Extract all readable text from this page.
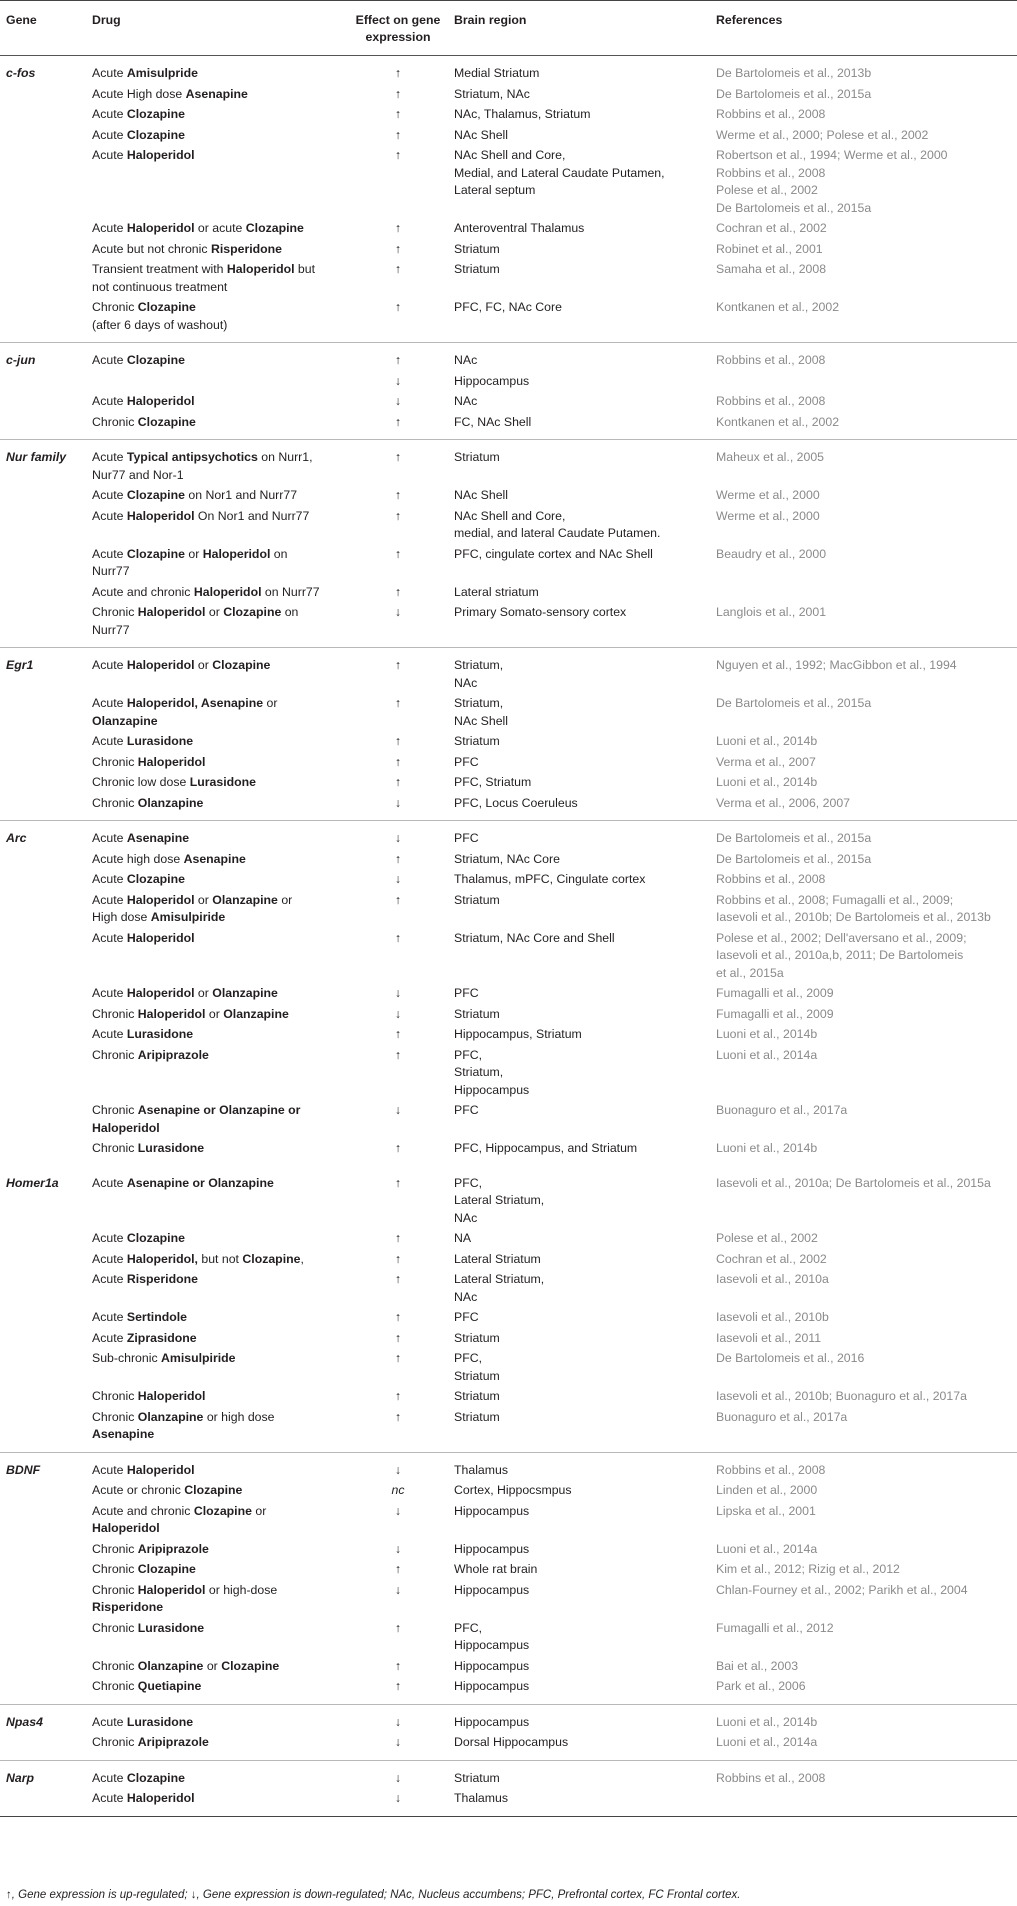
Gene	Drug	Effect on gene expression	Brain region	References
c-fos	Acute Amisulpride	↑	Medial Striatum	De Bartolomeis et al., 2013b
	Acute High dose Asenapine	↑	Striatum, NAc	De Bartolomeis et al., 2015a
	Acute Clozapine	↑	NAc, Thalamus, Striatum	Robbins et al., 2008
	Acute Clozapine	↑	NAc Shell	Werme et al., 2000; Polese et al., 2002
	Acute Haloperidol	↑	NAc Shell and Core,
Medial, and Lateral Caudate Putamen,
Lateral septum	Robertson et al., 1994; Werme et al., 2000
Robbins et al., 2008
Polese et al., 2002
De Bartolomeis et al., 2015a
	Acute Haloperidol or acute Clozapine	↑	Anteroventral Thalamus	Cochran et al., 2002
	Acute but not chronic Risperidone	↑	Striatum	Robinet et al., 2001
	Transient treatment with Haloperidol but
not continuous treatment	↑	Striatum	Samaha et al., 2008
	Chronic Clozapine
(after 6 days of washout)	↑	PFC, FC, NAc Core	Kontkanen et al., 2002
c-jun	Acute Clozapine	↑	NAc	Robbins et al., 2008
		↓	Hippocampus	
	Acute Haloperidol	↓	NAc	Robbins et al., 2008
	Chronic Clozapine	↑	FC, NAc Shell	Kontkanen et al., 2002
Nur family	Acute Typical antipsychotics on Nurr1,
Nur77 and Nor-1	↑	Striatum	Maheux et al., 2005
	Acute Clozapine on Nor1 and Nurr77	↑	NAc Shell	Werme et al., 2000
	Acute Haloperidol On Nor1 and Nurr77	↑	NAc Shell and Core,
medial, and lateral Caudate Putamen.	Werme et al., 2000
	Acute Clozapine or Haloperidol on
Nurr77	↑	PFC, cingulate cortex and NAc Shell	Beaudry et al., 2000
	Acute and chronic Haloperidol on Nurr77	↑	Lateral striatum	
	Chronic Haloperidol or Clozapine on
Nurr77	↓	Primary Somato-sensory cortex	Langlois et al., 2001
Egr1	Acute Haloperidol or Clozapine	↑	Striatum,
NAc	Nguyen et al., 1992; MacGibbon et al., 1994
	Acute Haloperidol, Asenapine or
Olanzapine	↑	Striatum,
NAc Shell	De Bartolomeis et al., 2015a
	Acute Lurasidone	↑	Striatum	Luoni et al., 2014b
	Chronic Haloperidol	↑	PFC	Verma et al., 2007
	Chronic low dose Lurasidone	↑	PFC, Striatum	Luoni et al., 2014b
	Chronic Olanzapine	↓	PFC, Locus Coeruleus	Verma et al., 2006, 2007
Arc	Acute Asenapine	↓	PFC	De Bartolomeis et al., 2015a
	Acute high dose Asenapine	↑	Striatum, NAc Core	De Bartolomeis et al., 2015a
	Acute Clozapine	↓	Thalamus, mPFC, Cingulate cortex	Robbins et al., 2008
	Acute Haloperidol or Olanzapine or
High dose Amisulpiride	↑	Striatum	Robbins et al., 2008; Fumagalli et al., 2009;
Iasevoli et al., 2010b; De Bartolomeis et al., 2013b
	Acute Haloperidol	↑	Striatum, NAc Core and Shell	Polese et al., 2002; Dell'aversano et al., 2009;
Iasevoli et al., 2010a,b, 2011; De Bartolomeis
et al., 2015a
	Acute Haloperidol or Olanzapine	↓	PFC	Fumagalli et al., 2009
	Chronic Haloperidol or Olanzapine	↓	Striatum	Fumagalli et al., 2009
	Acute Lurasidone	↑	Hippocampus, Striatum	Luoni et al., 2014b
	Chronic Aripiprazole	↑	PFC,
Striatum,
Hippocampus	Luoni et al., 2014a
	Chronic Asenapine or Olanzapine or
Haloperidol	↓	PFC	Buonaguro et al., 2017a
	Chronic Lurasidone	↑	PFC, Hippocampus, and Striatum	Luoni et al., 2014b
Homer1a	Acute Asenapine or Olanzapine	↑	PFC,
Lateral Striatum,
NAc	Iasevoli et al., 2010a; De Bartolomeis et al., 2015a
	Acute Clozapine	↑	NA	Polese et al., 2002
	Acute Haloperidol, but not Clozapine,	↑	Lateral Striatum	Cochran et al., 2002
	Acute Risperidone	↑	Lateral Striatum,
NAc	Iasevoli et al., 2010a
	Acute Sertindole	↑	PFC	Iasevoli et al., 2010b
	Acute Ziprasidone	↑	Striatum	Iasevoli et al., 2011
	Sub-chronic Amisulpiride	↑	PFC,
Striatum	De Bartolomeis et al., 2016
	Chronic Haloperidol	↑	Striatum	Iasevoli et al., 2010b; Buonaguro et al., 2017a
	Chronic Olanzapine or high dose
Asenapine	↑	Striatum	Buonaguro et al., 2017a
BDNF	Acute Haloperidol	↓	Thalamus	Robbins et al., 2008
	Acute or chronic Clozapine	nc	Cortex, Hippocsmpus	Linden et al., 2000
	Acute and chronic Clozapine or
Haloperidol	↓	Hippocampus	Lipska et al., 2001
	Chronic Aripiprazole	↓	Hippocampus	Luoni et al., 2014a
	Chronic Clozapine	↑	Whole rat brain	Kim et al., 2012; Rizig et al., 2012
	Chronic Haloperidol or high-dose
Risperidone	↓	Hippocampus	Chlan-Fourney et al., 2002; Parikh et al., 2004
	Chronic Lurasidone	↑	PFC,
Hippocampus	Fumagalli et al., 2012
	Chronic Olanzapine or Clozapine	↑	Hippocampus	Bai et al., 2003
	Chronic Quetiapine	↑	Hippocampus	Park et al., 2006
Npas4	Acute Lurasidone	↓	Hippocampus	Luoni et al., 2014b
	Chronic Aripiprazole	↓	Dorsal Hippocampus	Luoni et al., 2014a
Narp	Acute Clozapine	↓	Striatum	Robbins et al., 2008
	Acute Haloperidol	↓	Thalamus	
↑, Gene expression is up-regulated; ↓, Gene expression is down-regulated; NAc, Nucleus accumbens; PFC, Prefrontal cortex, FC Frontal cortex.
